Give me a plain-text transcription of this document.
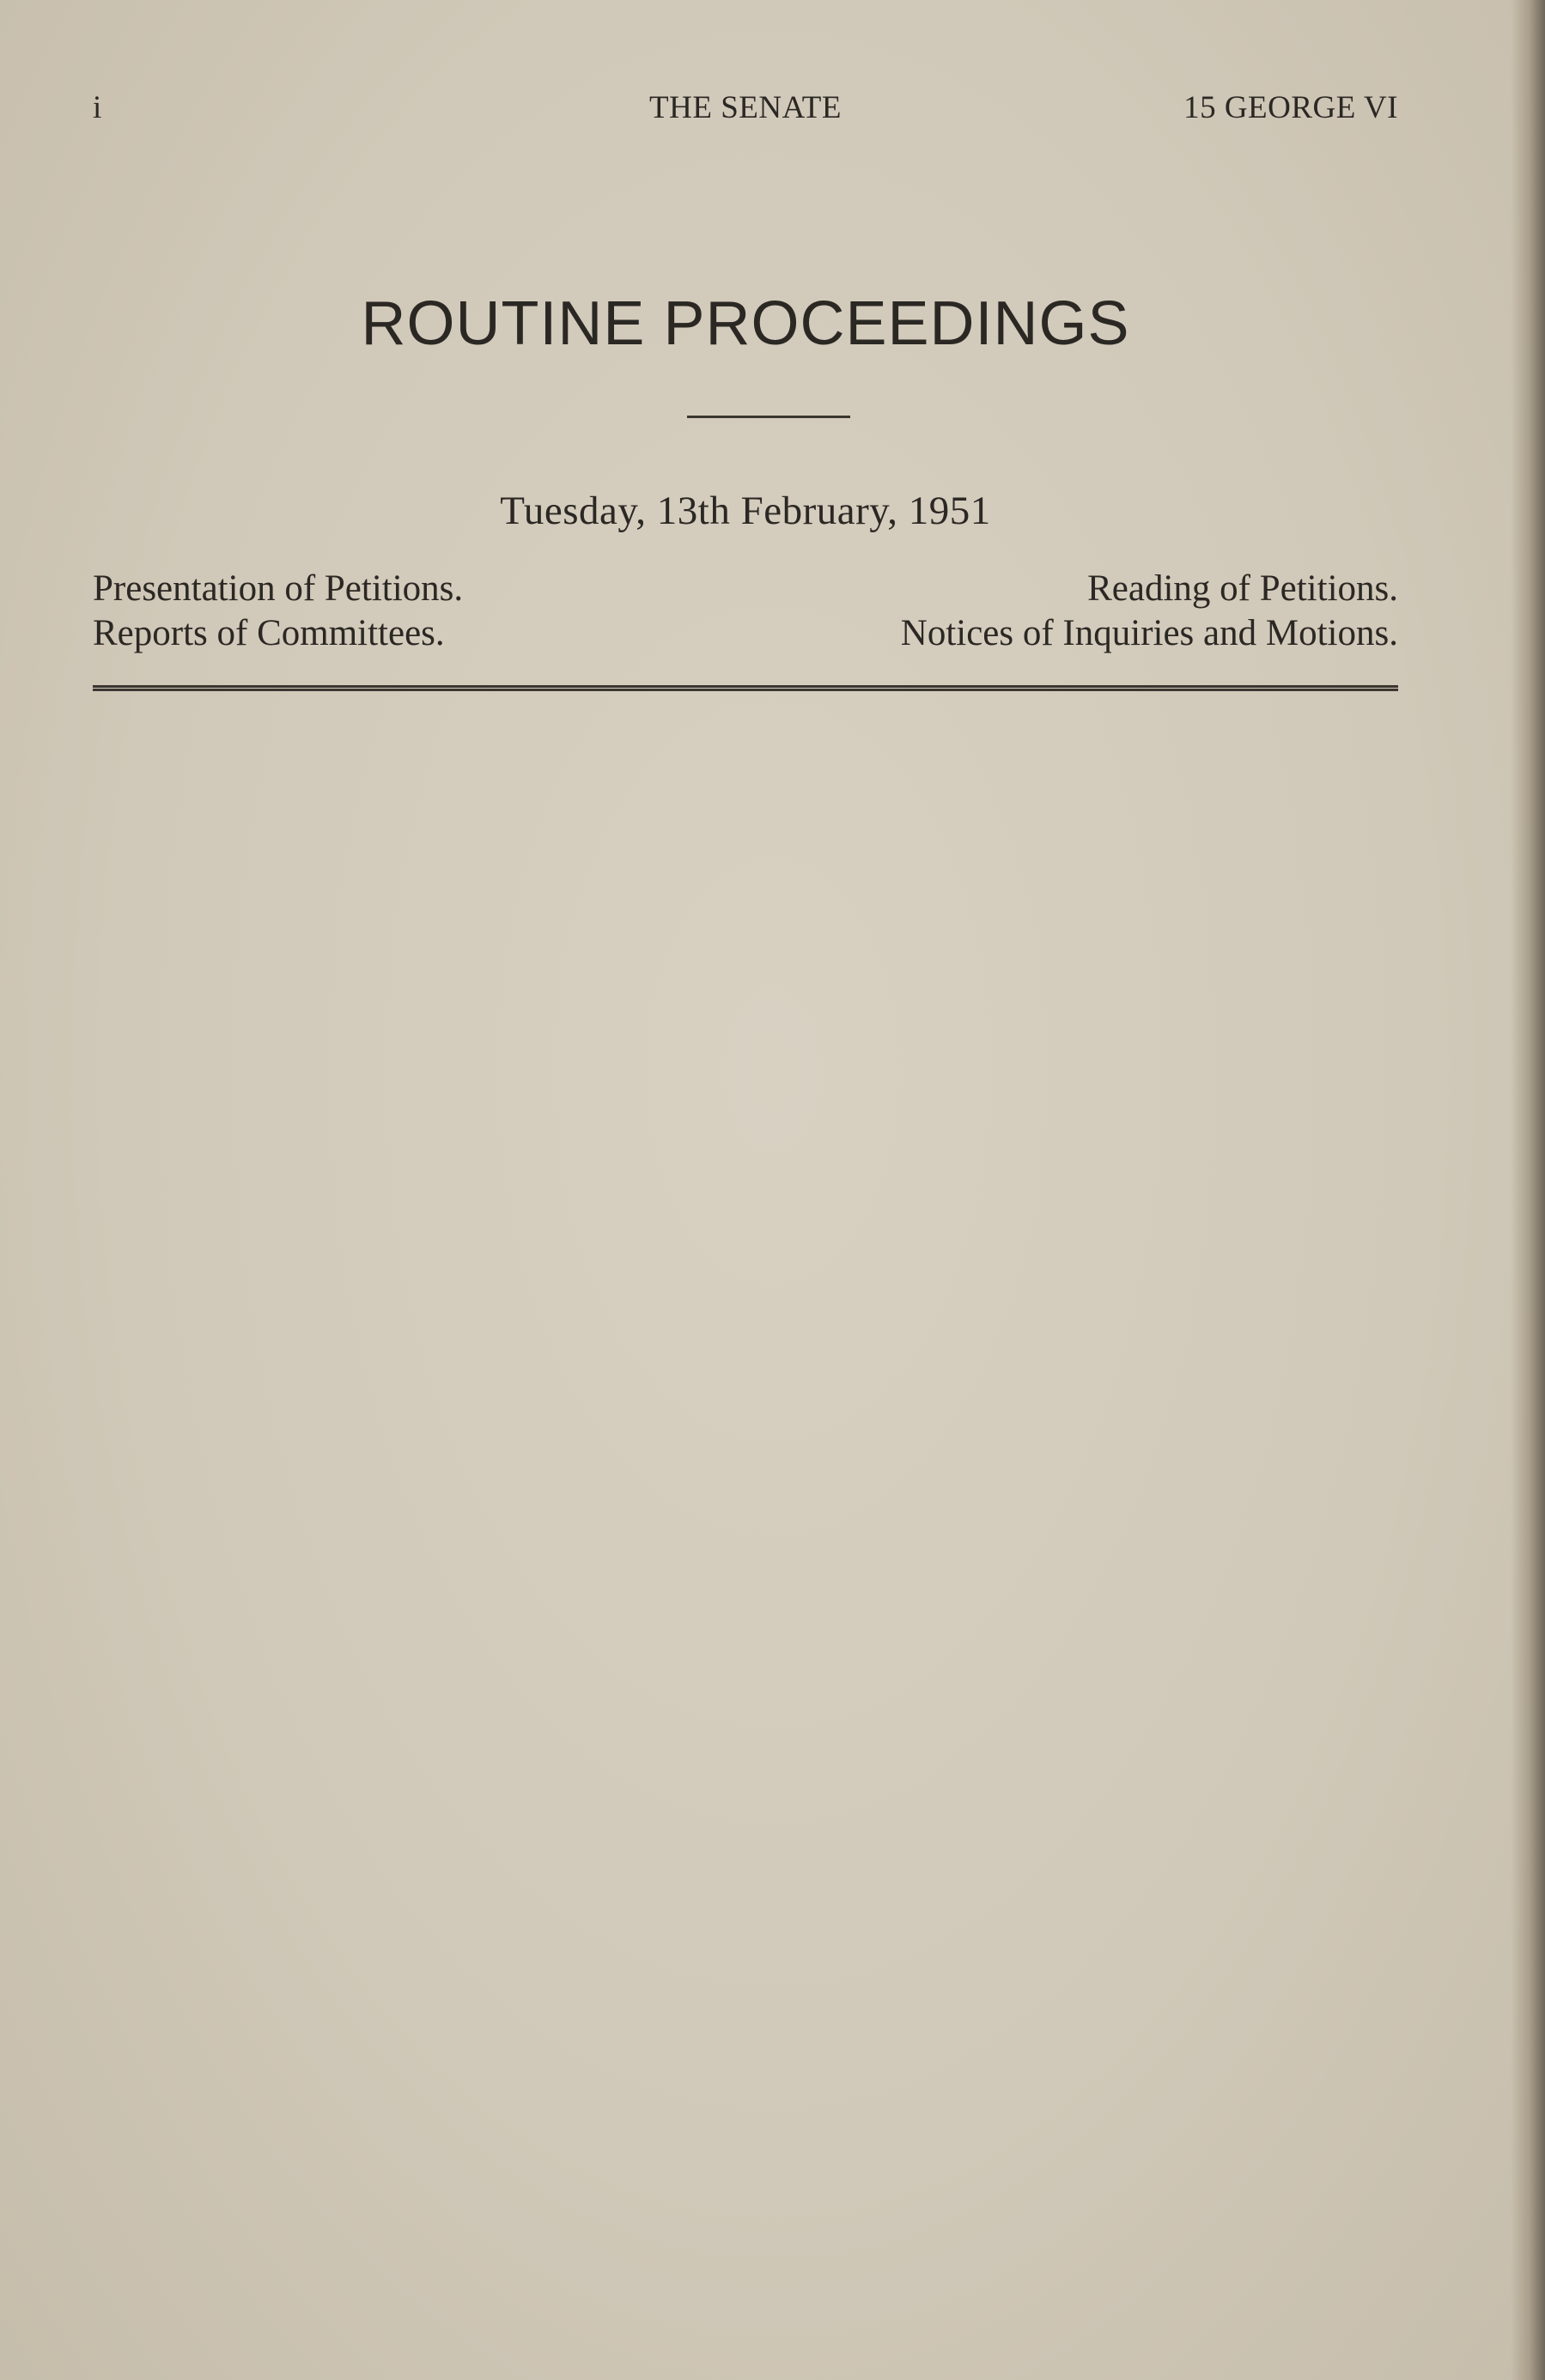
i	THE SENATE	15 GEORGE VI
ROUTINE PROCEEDINGS
Tuesday, 13th February, 1951
Presentation of Petitions.	Reading of Petitions.
Reports of Committees.	Notices of Inquiries and Motions.
